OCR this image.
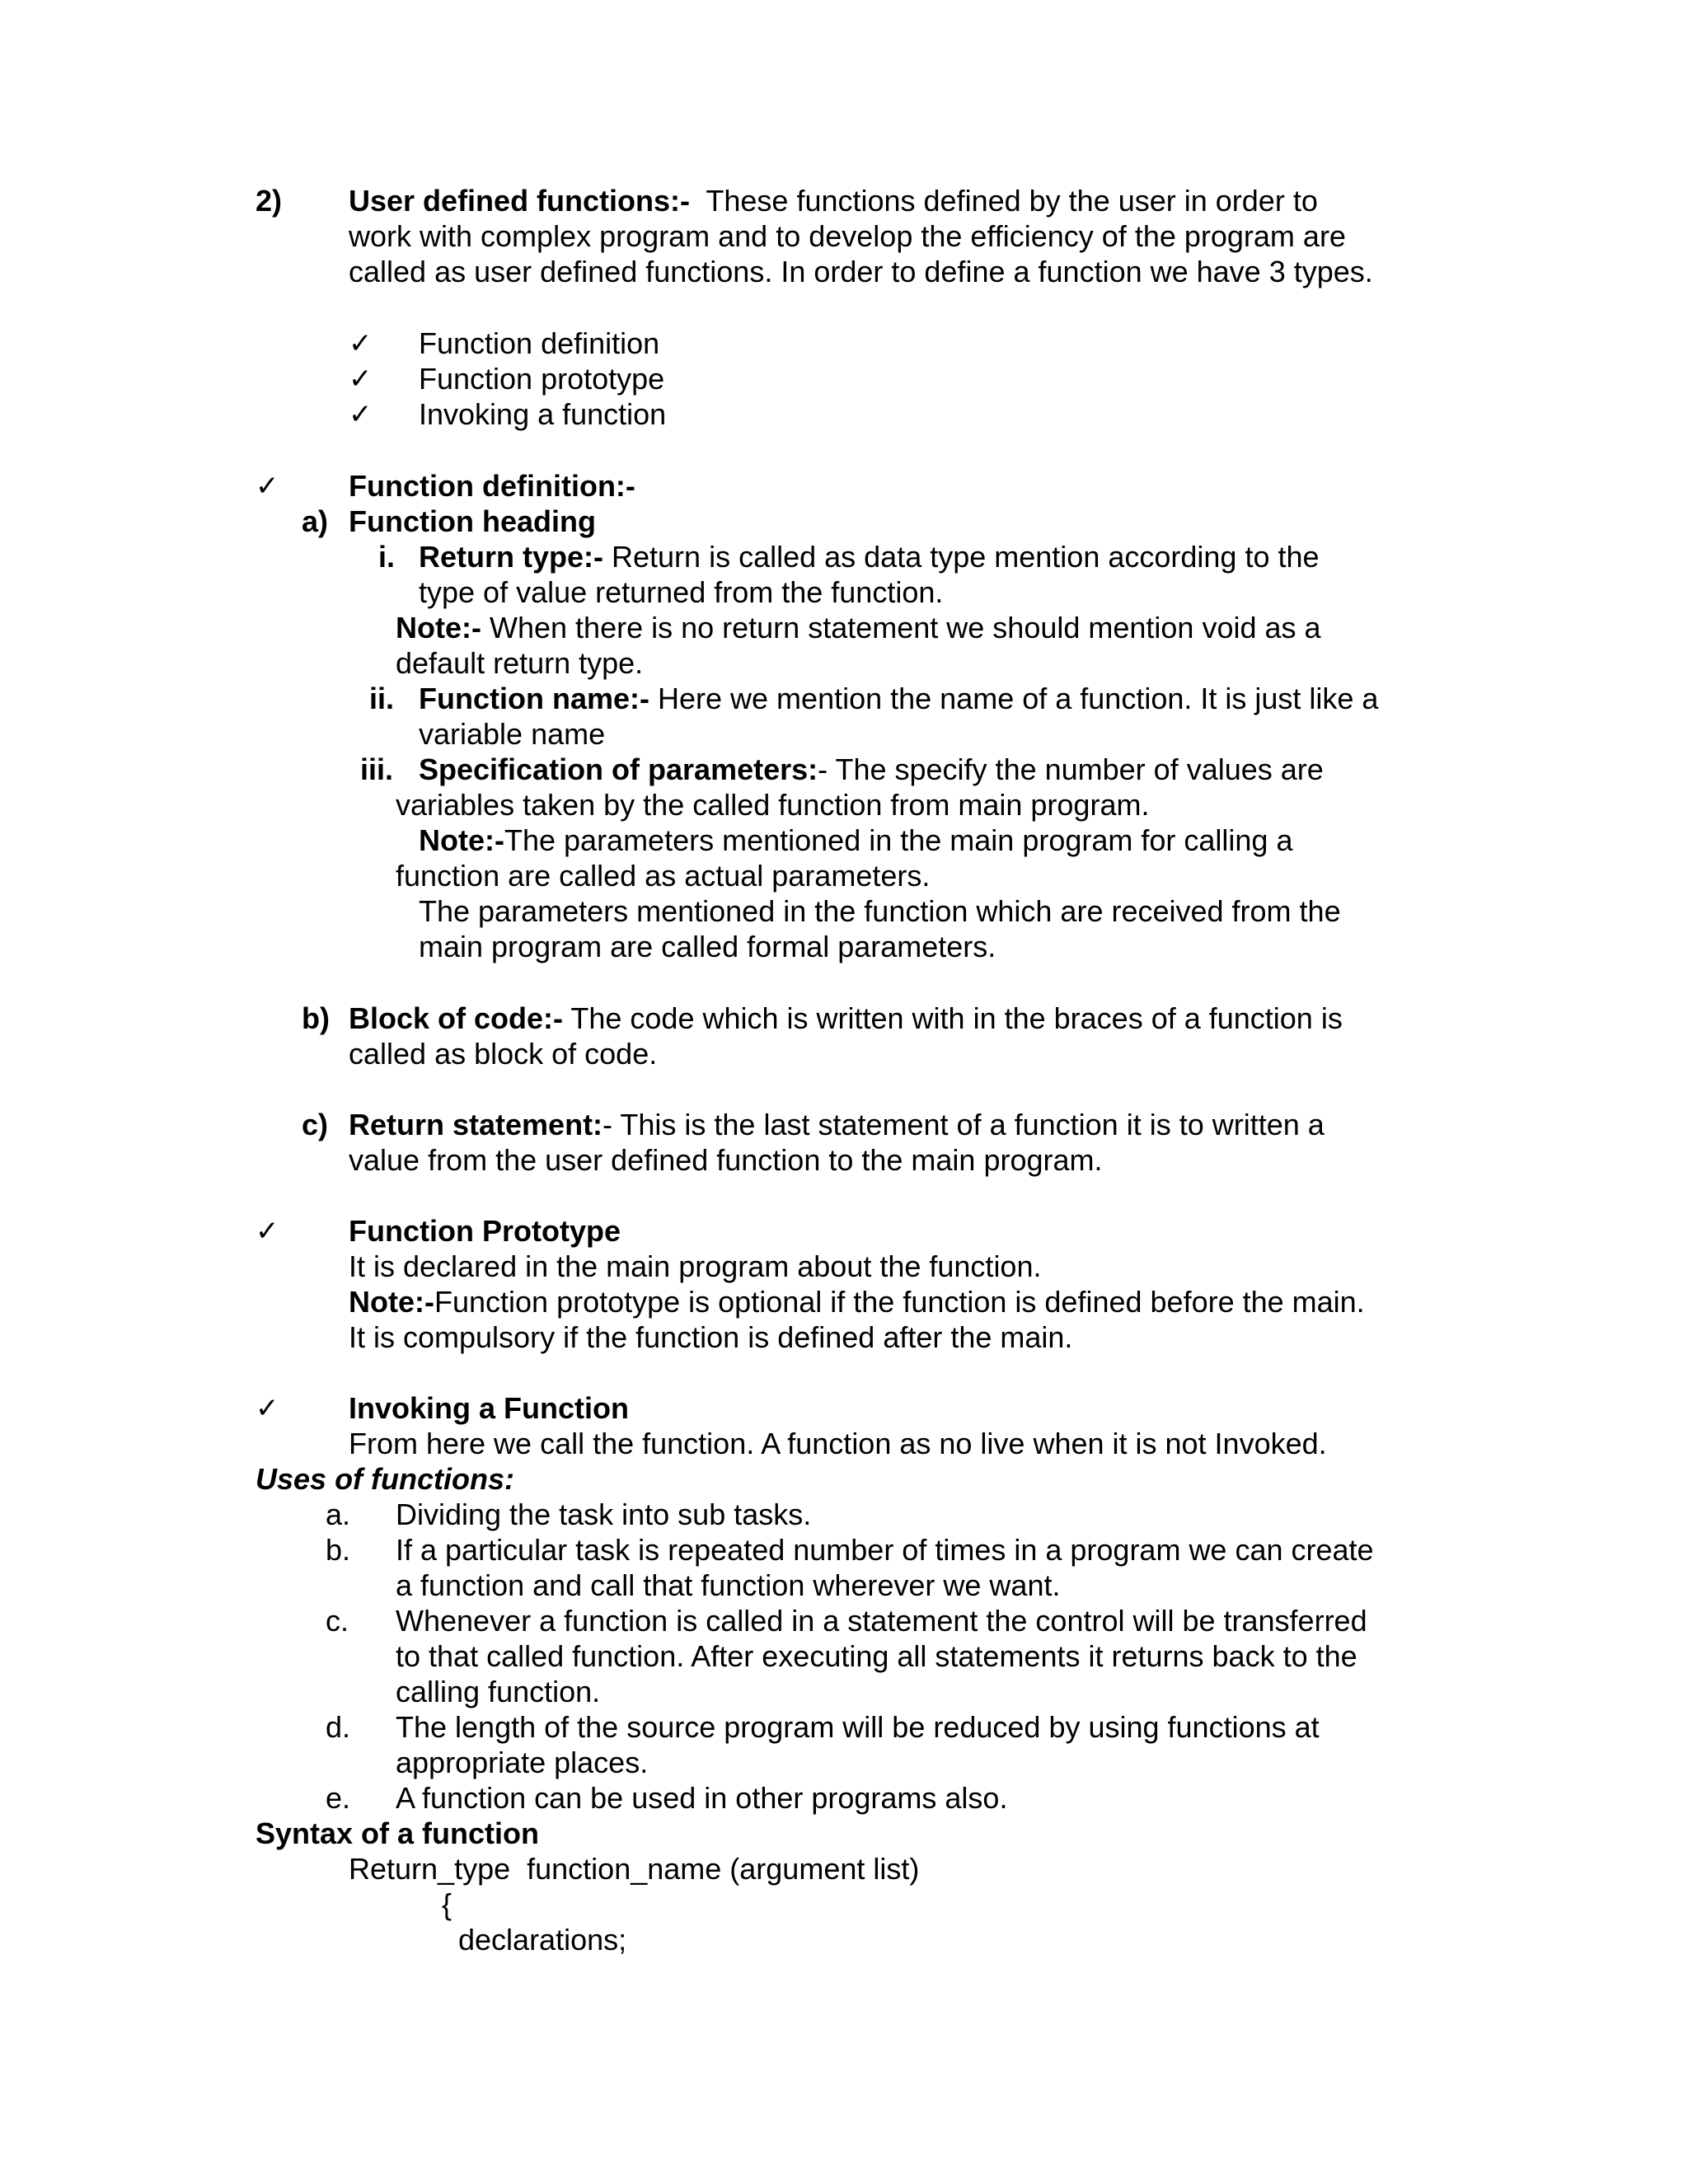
2) User defined functions:- These functions defined by the user in order to
work with complex program and to develop the efficiency of the program are
called as user defined functions. In order to define a function we have 3 types.
✓ Function definition
✓ Function prototype
✓ Invoking a function
✓ Function definition:-
a) Function heading
i. Return type:- Return is called as data type mention according to the
type of value returned from the function.
Note:- When there is no return statement we should mention void as a
default return type.
ii. Function name:- Here we mention the name of a function. It is just like a
variable name
iii. Specification of parameters:- The specify the number of values are
variables taken by the called function from main program.
Note:-The parameters mentioned in the main program for calling a
function are called as actual parameters.
The parameters mentioned in the function which are received from the
main program are called formal parameters.
b) Block of code:- The code which is written with in the braces of a function is
called as block of code.
c) Return statement:- This is the last statement of a function it is to written a
value from the user defined function to the main program.
✓ Function Prototype
It is declared in the main program about the function.
Note:-Function prototype is optional if the function is defined before the main.
It is compulsory if the function is defined after the main.
✓ Invoking a Function
From here we call the function. A function as no live when it is not Invoked.
Uses of functions:
a. Dividing the task into sub tasks.
b. If a particular task is repeated number of times in a program we can create
a function and call that function wherever we want.
c. Whenever a function is called in a statement the control will be transferred
to that called function. After executing all statements it returns back to the
calling function.
d. The length of the source program will be reduced by using functions at
appropriate places.
e. A function can be used in other programs also.
Syntax of a function
Return_type  function_name (argument list)
{
declarations;
